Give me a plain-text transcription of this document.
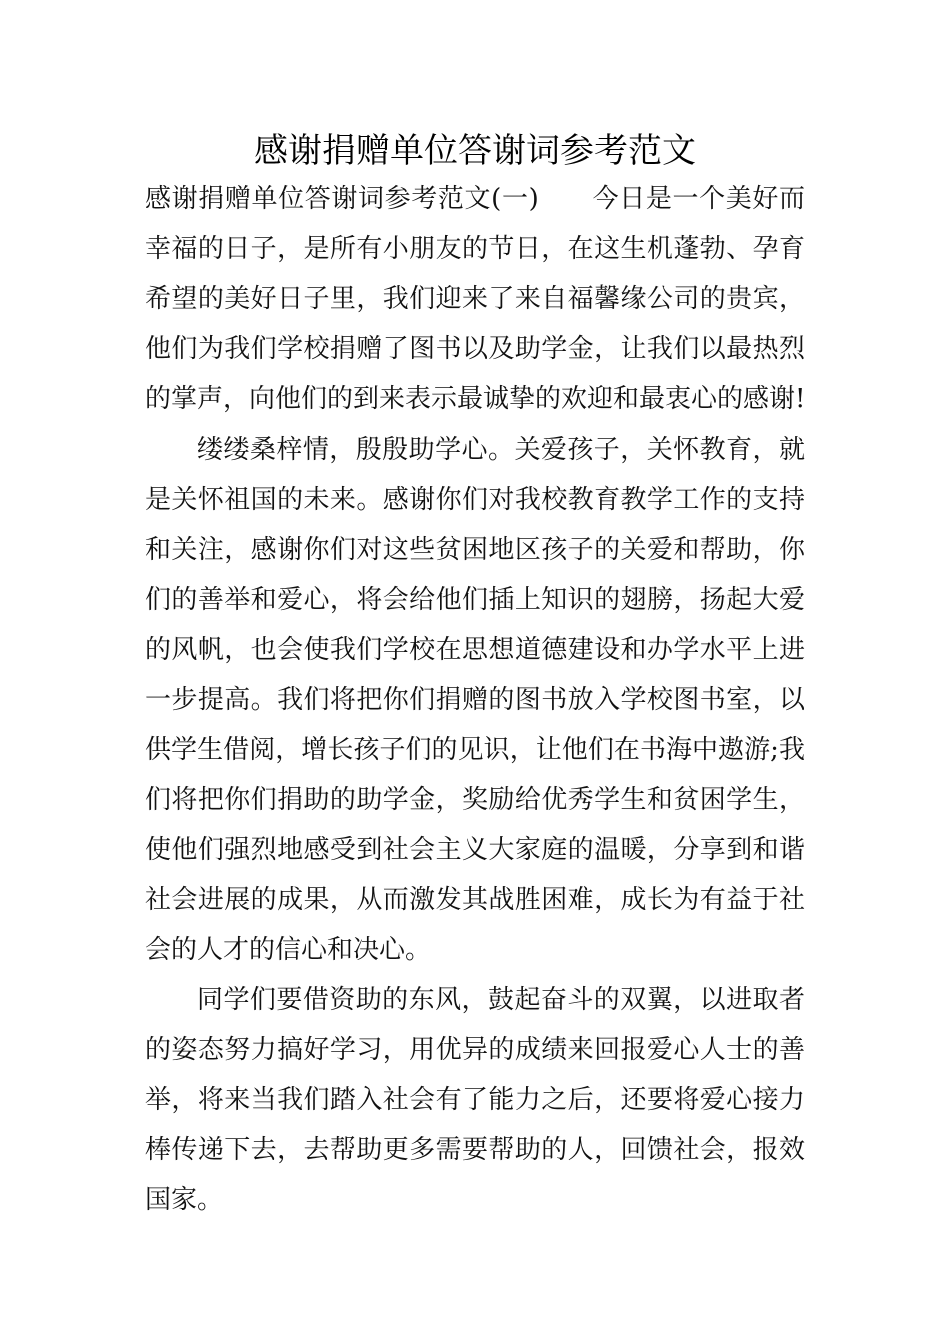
感谢捐赠单位答谢词参考范文
感谢捐赠单位答谢词参考范文(一)　　今日是一个美好而
幸福的日子，是所有小朋友的节日，在这生机蓬勃、孕育
希望的美好日子里，我们迎来了来自福馨缘公司的贵宾，
他们为我们学校捐赠了图书以及助学金，让我们以最热烈
的掌声，向他们的到来表示最诚挚的欢迎和最衷心的感谢!
缕缕桑梓情，殷殷助学心。关爱孩子，关怀教育，就
是关怀祖国的未来。感谢你们对我校教育教学工作的支持
和关注，感谢你们对这些贫困地区孩子的关爱和帮助，你
们的善举和爱心，将会给他们插上知识的翅膀，扬起大爱
的风帆，也会使我们学校在思想道德建设和办学水平上进
一步提高。我们将把你们捐赠的图书放入学校图书室，以
供学生借阅，增长孩子们的见识，让他们在书海中遨游;我
们将把你们捐助的助学金，奖励给优秀学生和贫困学生，
使他们强烈地感受到社会主义大家庭的温暖，分享到和谐
社会进展的成果，从而激发其战胜困难，成长为有益于社
会的人才的信心和决心。
同学们要借资助的东风，鼓起奋斗的双翼，以进取者
的姿态努力搞好学习，用优异的成绩来回报爱心人士的善
举，将来当我们踏入社会有了能力之后，还要将爱心接力
棒传递下去，去帮助更多需要帮助的人，回馈社会，报效
国家。
